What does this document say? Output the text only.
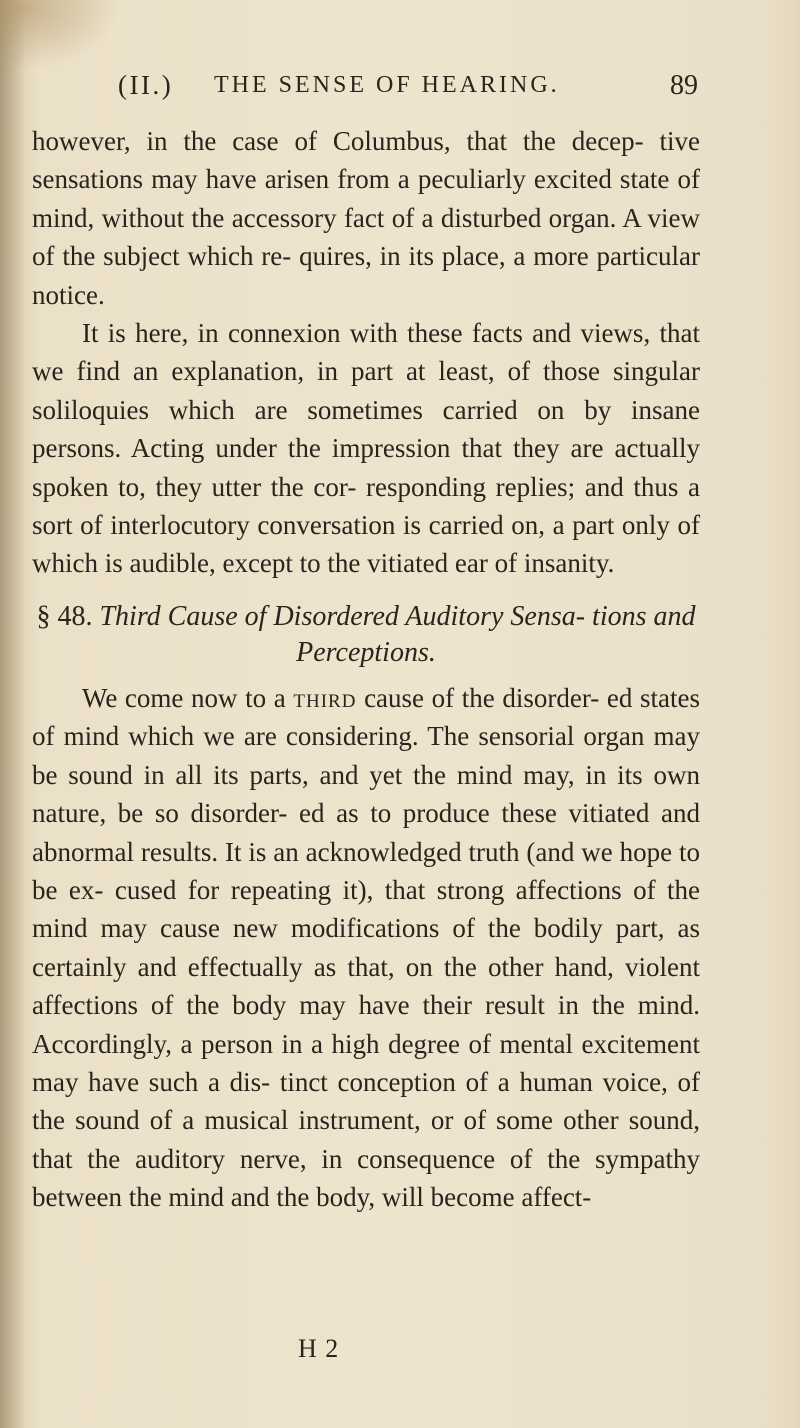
(II.) THE SENSE OF HEARING.	89

however, in the case of Columbus, that the decep- tive sensations may have arisen from a peculiarly excited state of mind, without the accessory fact of a disturbed organ. A view of the subject which re- quires, in its place, a more particular notice.

It is here, in connexion with these facts and views, that we find an explanation, in part at least, of those singular soliloquies which are sometimes carried on by insane persons. Acting under the impression that they are actually spoken to, they utter the cor- responding replies; and thus a sort of interlocutory conversation is carried on, a part only of which is audible, except to the vitiated ear of insanity.

§ 48. Third Cause of Disordered Auditory Sensa- tions and Perceptions.

We come now to a third cause of the disorder- ed states of mind which we are considering. The sensorial organ may be sound in all its parts, and yet the mind may, in its own nature, be so disorder- ed as to produce these vitiated and abnormal results. It is an acknowledged truth (and we hope to be ex- cused for repeating it), that strong affections of the mind may cause new modifications of the bodily part, as certainly and effectually as that, on the other hand, violent affections of the body may have their result in the mind. Accordingly, a person in a high degree of mental excitement may have such a dis- tinct conception of a human voice, of the sound of a musical instrument, or of some other sound, that the auditory nerve, in consequence of the sympathy between the mind and the body, will become affect-

H 2
